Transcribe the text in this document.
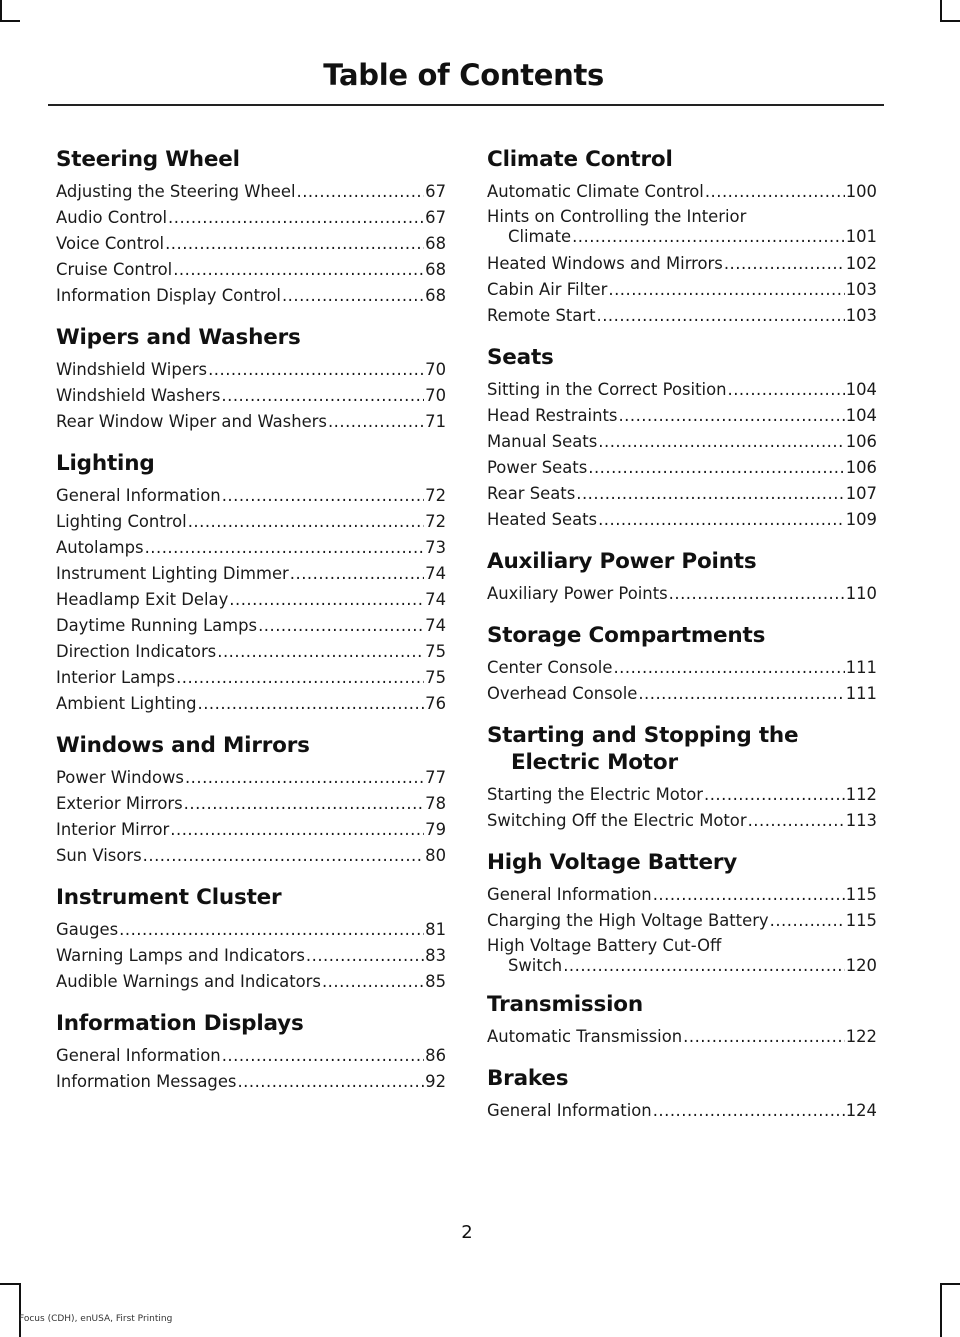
Table of Contents
Steering Wheel
Adjusting the Steering Wheel .....	67
Audio Control .....	67
Voice Control .....	68
Cruise Control .....	68
Information Display Control .....	68
Wipers and Washers
Windshield Wipers .....	70
Windshield Washers .....	70
Rear Window Wiper and Washers .....	71
Lighting
General Information .....	72
Lighting Control .....	72
Autolamps .....	73
Instrument Lighting Dimmer .....	74
Headlamp Exit Delay .....	74
Daytime Running Lamps .....	74
Direction Indicators .....	75
Interior Lamps .....	75
Ambient Lighting .....	76
Windows and Mirrors
Power Windows .....	77
Exterior Mirrors .....	78
Interior Mirror .....	79
Sun Visors .....	80
Instrument Cluster
Gauges .....	81
Warning Lamps and Indicators .....	83
Audible Warnings and Indicators .....	85
Information Displays
General Information .....	86
Information Messages .....	92
Climate Control
Automatic Climate Control .....	100
Hints on Controlling the Interior
Climate .....	101
Heated Windows and Mirrors .....	102
Cabin Air Filter .....	103
Remote Start .....	103
Seats
Sitting in the Correct Position .....	104
Head Restraints .....	104
Manual Seats .....	106
Power Seats .....	106
Rear Seats .....	107
Heated Seats .....	109
Auxiliary Power Points
Auxiliary Power Points .....	110
Storage Compartments
Center Console .....	111
Overhead Console .....	111
Starting and Stopping the
Electric Motor
Starting the Electric Motor .....	112
Switching Off the Electric Motor .....	113
High Voltage Battery
General Information .....	115
Charging the High Voltage Battery .....	115
High Voltage Battery Cut-Off
Switch .....	120
Transmission
Automatic Transmission .....	122
Brakes
General Information .....	124
2
Focus (CDH), enUSA, First Printing
